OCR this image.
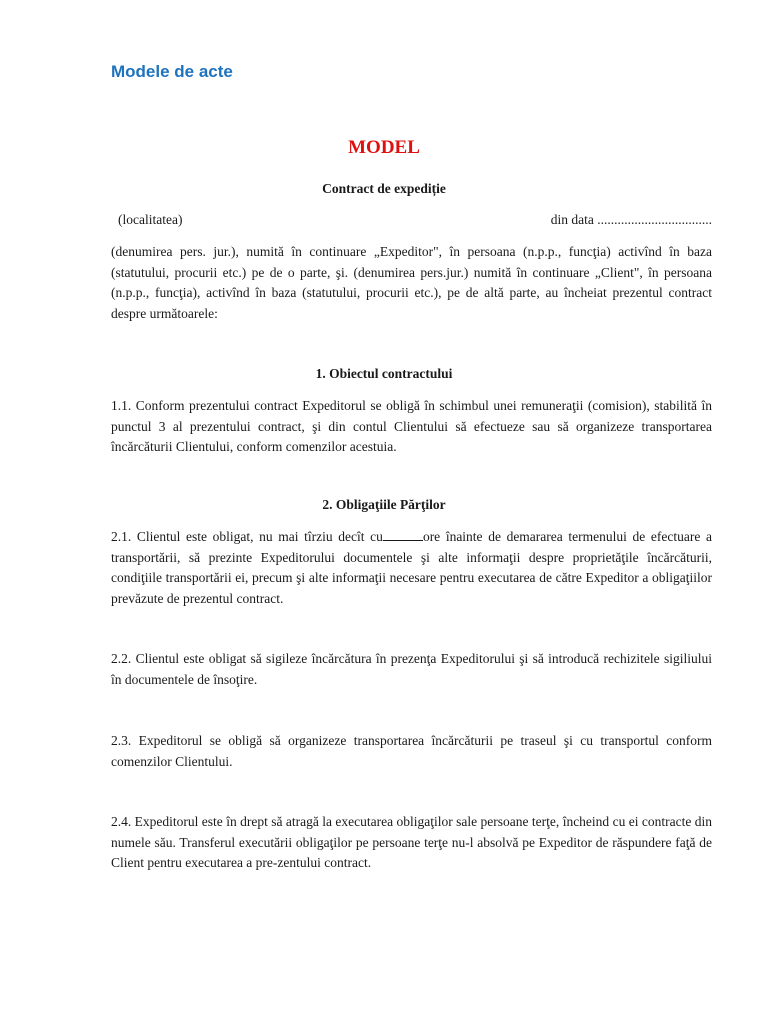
Modele de acte
MODEL
Contract de expediție
(localitatea)	din data ..................................

(denumirea pers. jur.), numită în continuare „Expeditor", în persoana (n.p.p., funcţia) activînd în baza (statutului, procurii etc.) pe de o parte, şi. (denumirea pers.jur.) numită în continuare „Client", în persoana (n.p.p., funcţia), activînd în baza (statutului, procurii etc.), pe de altă parte, au încheiat prezentul contract despre următoarele:

1. Obiectul contractului

1.1. Conform prezentului contract Expeditorul se obligă în schimbul unei remuneraţii (comision), stabilită în punctul 3 al prezentului contract, şi din contul Clientului să efectueze sau să organizeze transportarea încărcăturii Clientului, conform comenzilor acestuia.

2. Obligaţiile Părţilor

2.1. Clientul este obligat, nu mai tîrziu decît cu	ore înainte de demararea termenului de efectuare a transportării, să prezinte Expeditorului documentele şi alte informaţii despre proprietăţile încărcăturii, condiţiile transportării ei, precum şi alte informaţii necesare pentru executarea de către Expeditor a obligaţiilor prevăzute de prezentul contract.

2.2. Clientul este obligat să sigileze încărcătura în prezenţa Expeditorului şi să introducă rechizitele sigiliului în documentele de însoţire.

2.3. Expeditorul se obligă să organizeze transportarea încărcăturii pe traseul şi cu transportul conform comenzilor Clientului.

2.4. Expeditorul este în drept să atragă la executarea obligaţilor sale persoane terţe, încheind cu ei contracte din numele său. Transferul executării obligaţilor pe persoane terţe nu-l absolvă pe Expeditor de răspundere faţă de Client pentru executarea a pre-zentului contract.
